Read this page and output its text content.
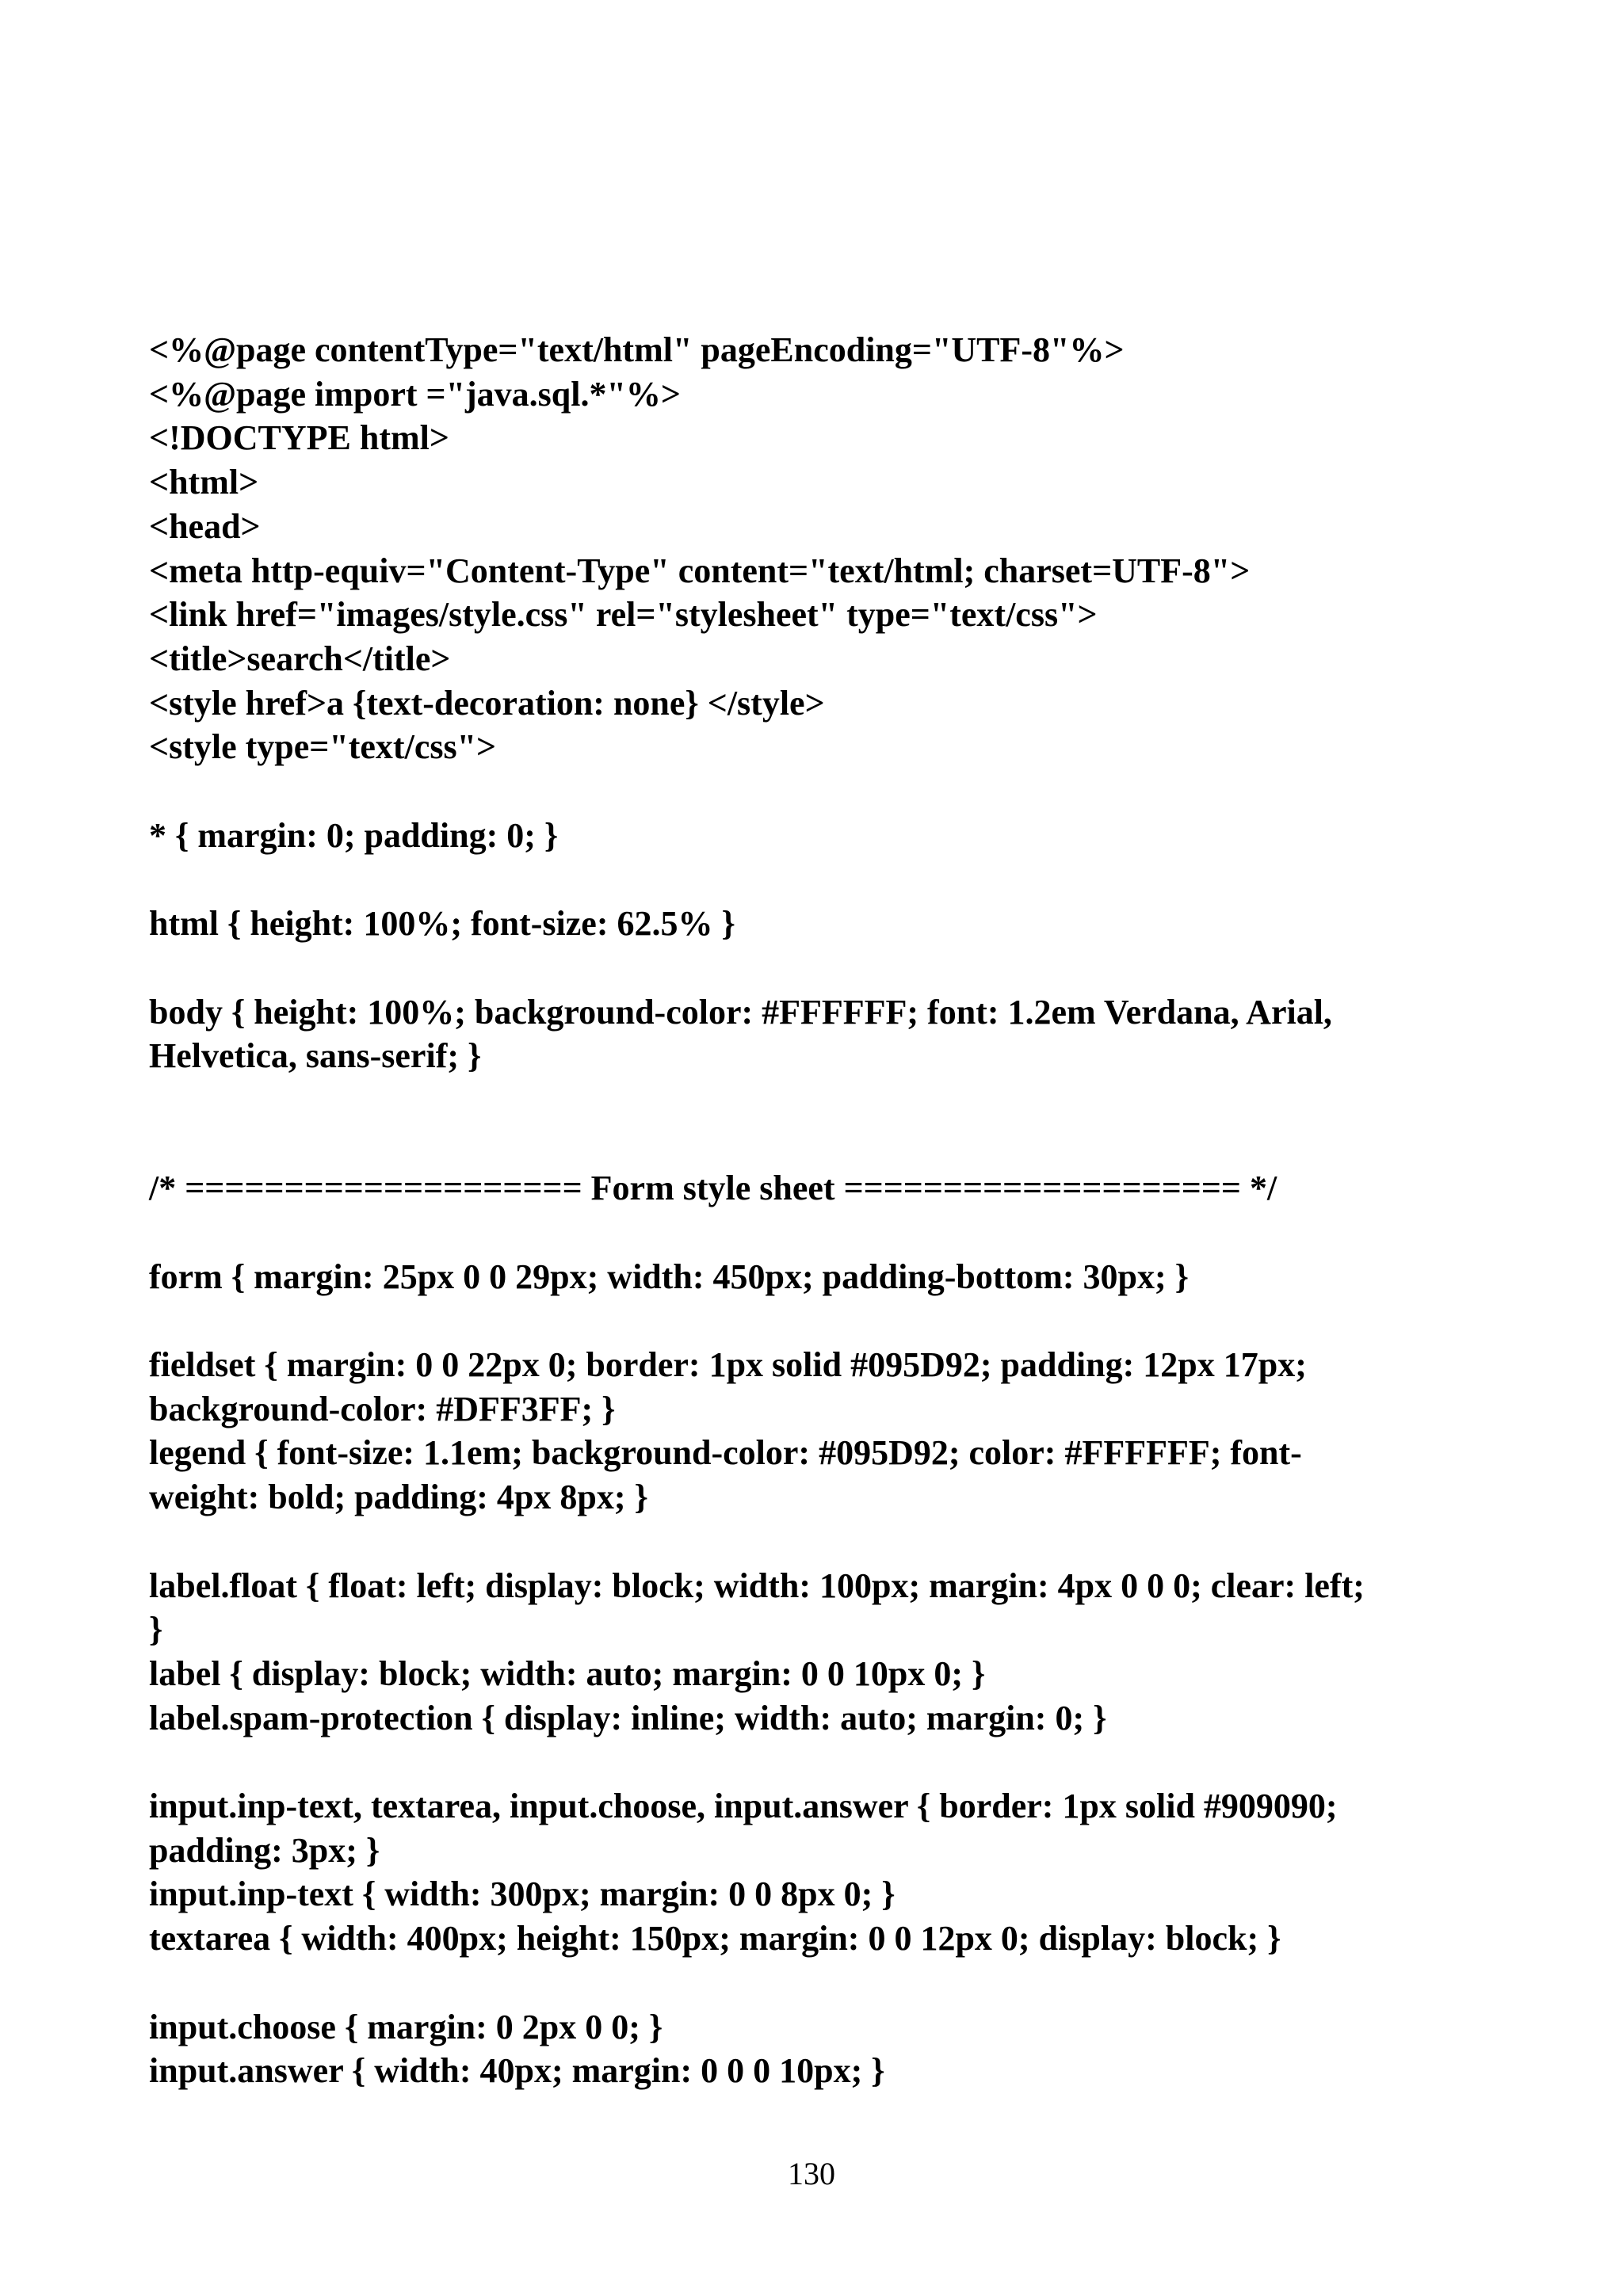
<%@page contentType="text/html" pageEncoding="UTF-8"%>
<%@page import ="java.sql.*"%>
<!DOCTYPE html>
<html>
<head>
<meta http-equiv="Content-Type" content="text/html; charset=UTF-8">
<link href="images/style.css" rel="stylesheet" type="text/css">
<title>search</title>
<style href>a {text-decoration: none} </style>
<style type="text/css">
* { margin: 0; padding: 0; }
html { height: 100%; font-size: 62.5% }
body { height: 100%; background-color: #FFFFFF; font: 1.2em Verdana, Arial,
Helvetica, sans-serif; }
/* ==================== Form style sheet ==================== */
form { margin: 25px 0 0 29px; width: 450px; padding-bottom: 30px; }
fieldset { margin: 0 0 22px 0; border: 1px solid #095D92; padding: 12px 17px;
background-color: #DFF3FF; }
legend { font-size: 1.1em; background-color: #095D92; color: #FFFFFF; font-
weight: bold; padding: 4px 8px; }
label.float { float: left; display: block; width: 100px; margin: 4px 0 0 0; clear: left;
}
label { display: block; width: auto; margin: 0 0 10px 0; }
label.spam-protection { display: inline; width: auto; margin: 0; }
input.inp-text, textarea, input.choose, input.answer { border: 1px solid #909090;
padding: 3px; }
input.inp-text { width: 300px; margin: 0 0 8px 0; }
textarea { width: 400px; height: 150px; margin: 0 0 12px 0; display: block; }
input.choose { margin: 0 2px 0 0; }
input.answer { width: 40px; margin: 0 0 0 10px; }
130
